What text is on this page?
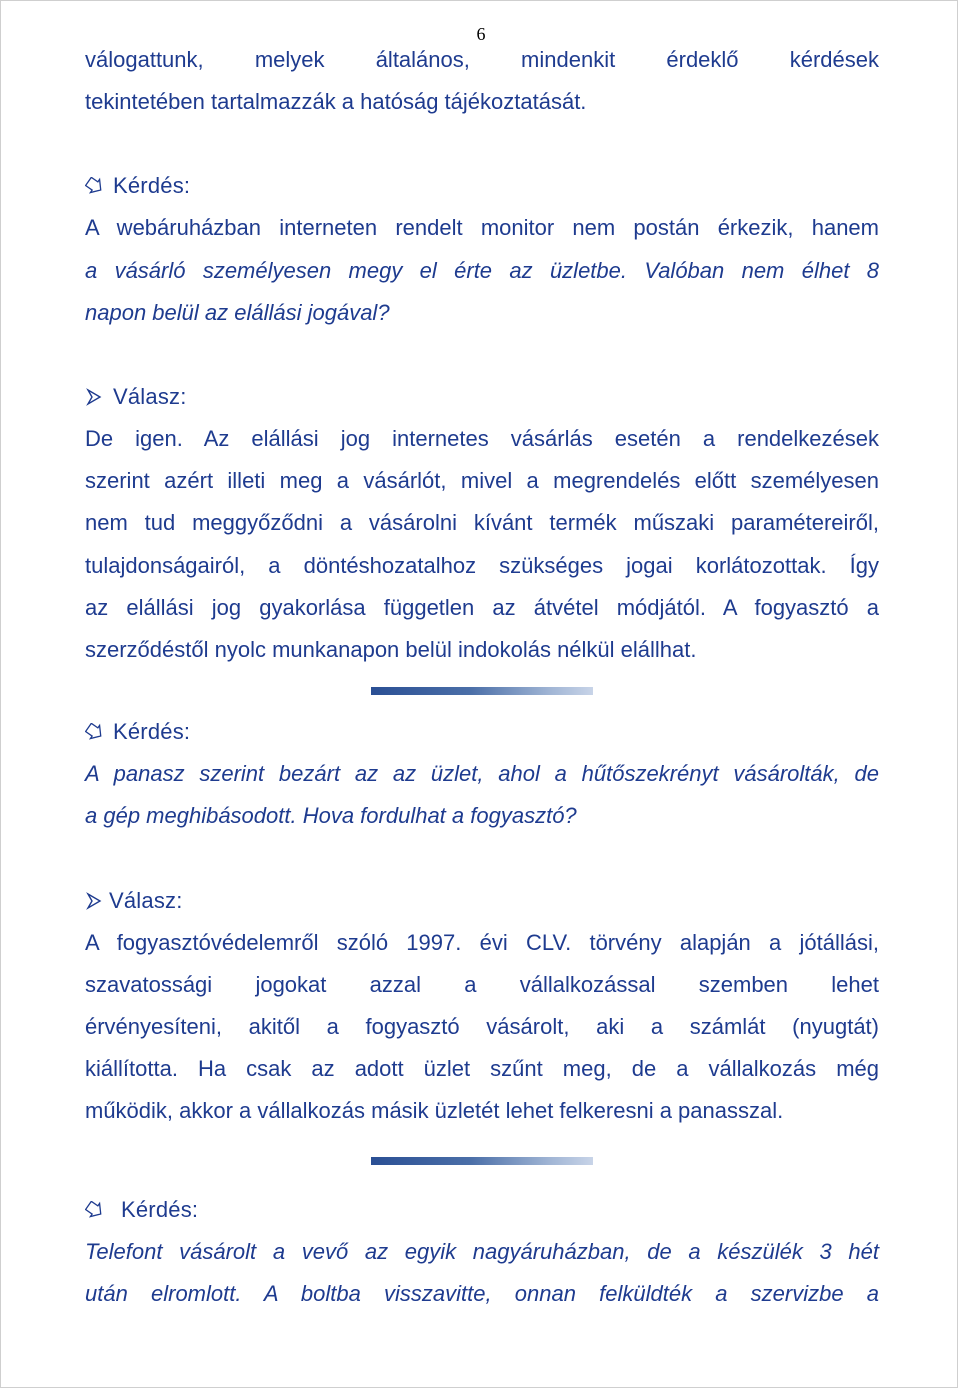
6

válogattunk, melyek általános, mindenkit érdeklő kérdések
tekintetében tartalmazzák a hatóság tájékoztatását.

Kérdés:

A webáruházban interneten rendelt monitor nem postán érkezik, hanem
a vásárló személyesen megy el érte az üzletbe. Valóban nem élhet 8
napon belül az elállási jogával?

Válasz:

De igen. Az elállási jog internetes vásárlás esetén a rendelkezések
szerint azért illeti meg a vásárlót, mivel a megrendelés előtt személyesen
nem tud meggyőződni a vásárolni kívánt termék műszaki paramétereiről,
tulajdonságairól, a döntéshozatalhoz szükséges jogai korlátozottak. Így
az elállási jog gyakorlása független az átvétel módjától. A fogyasztó a
szerződéstől nyolc munkanapon belül indokolás nélkül elállhat.

Kérdés:

A panasz szerint bezárt az az üzlet, ahol a hűtőszekrényt vásárolták, de
a gép meghibásodott. Hova fordulhat a fogyasztó?

Válasz:

A fogyasztóvédelemről szóló 1997. évi CLV. törvény alapján a jótállási,
szavatossági jogokat azzal a vállalkozással szemben lehet
érvényesíteni, akitől a fogyasztó vásárolt, aki a számlát (nyugtát)
kiállította. Ha csak az adott üzlet szűnt meg, de a vállalkozás még
működik, akkor a vállalkozás másik üzletét lehet felkeresni a panasszal.

Kérdés:

Telefont vásárolt a vevő az egyik nagyáruházban, de a készülék 3 hét
után elromlott. A boltba visszavitte, onnan felküldték a szervizbe a
